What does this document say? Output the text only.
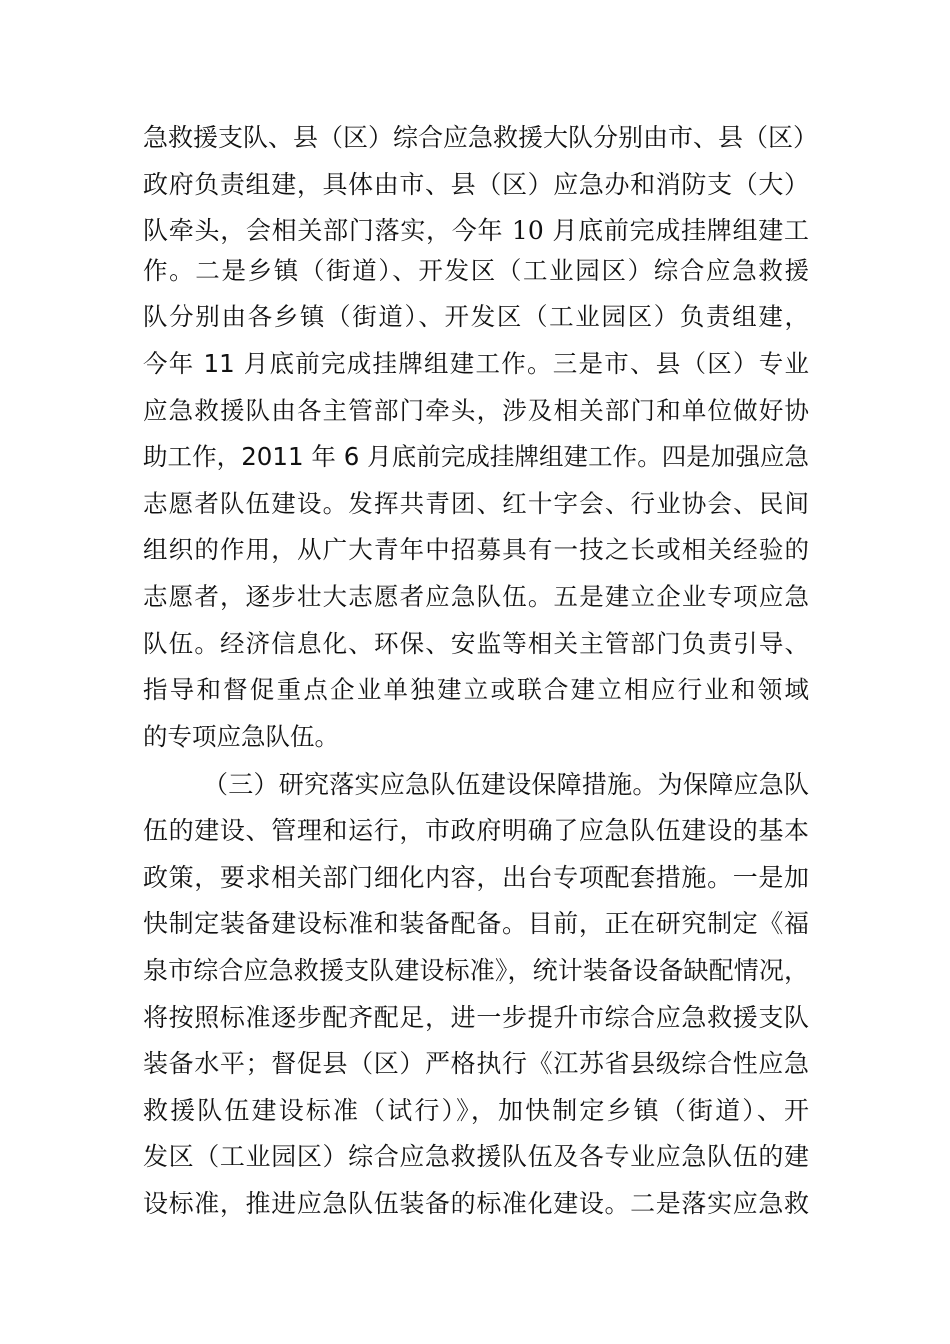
急救援支队、县（区）综合应急救援大队分别由市、县（区）
政府负责组建，具体由市、县（区）应急办和消防支（大）
队牵头，会相关部门落实，今年 10 月底前完成挂牌组建工
作。二是乡镇（街道）、开发区（工业园区）综合应急救援
队分别由各乡镇（街道）、开发区（工业园区）负责组建，
今年 11 月底前完成挂牌组建工作。三是市、县（区）专业
应急救援队由各主管部门牵头，涉及相关部门和单位做好协
助工作，2011 年 6 月底前完成挂牌组建工作。四是加强应急
志愿者队伍建设。发挥共青团、红十字会、行业协会、民间
组织的作用，从广大青年中招募具有一技之长或相关经验的
志愿者，逐步壮大志愿者应急队伍。五是建立企业专项应急
队伍。经济信息化、环保、安监等相关主管部门负责引导、
指导和督促重点企业单独建立或联合建立相应行业和领域
的专项应急队伍。
（三）研究落实应急队伍建设保障措施。为保障应急队
伍的建设、管理和运行，市政府明确了应急队伍建设的基本
政策，要求相关部门细化内容，出台专项配套措施。一是加
快制定装备建设标准和装备配备。目前，正在研究制定《福
泉市综合应急救援支队建设标准》，统计装备设备缺配情况，
将按照标准逐步配齐配足，进一步提升市综合应急救援支队
装备水平；督促县（区）严格执行《江苏省县级综合性应急
救援队伍建设标准（试行）》，加快制定乡镇（街道）、开
发区（工业园区）综合应急救援队伍及各专业应急队伍的建
设标准，推进应急队伍装备的标准化建设。二是落实应急救
